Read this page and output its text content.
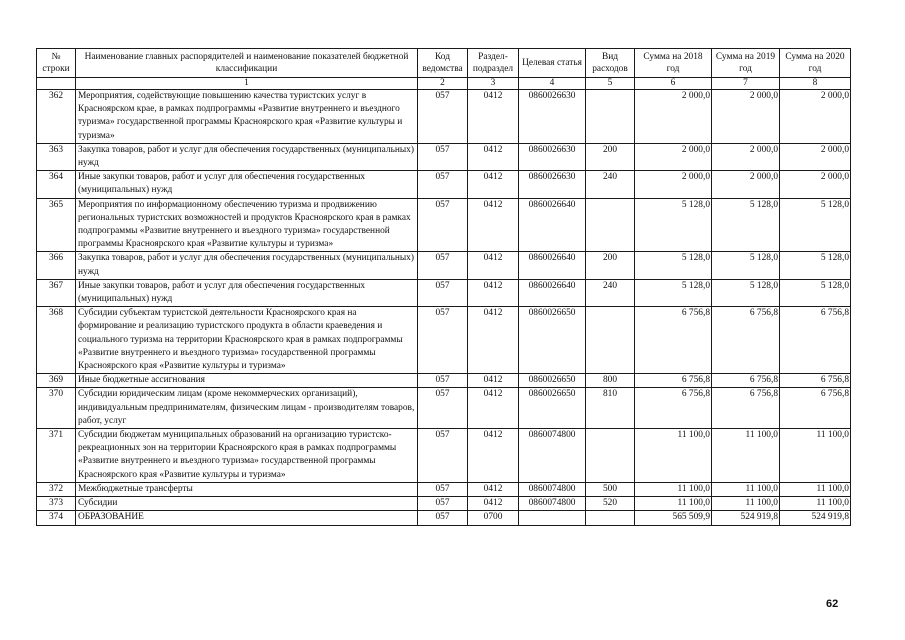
№ строки	Наименование главных распорядителей и наименование показателей бюджетной классификации	Код ведомства	Раздел-подраздел	Целевая статья	Вид расходов	Сумма на 2018 год	Сумма на 2019 год	Сумма на 2020 год
	1	2	3	4	5	6	7	8
362	Мероприятия, содействующие повышению качества туристских услуг в Красноярском крае, в рамках подпрограммы «Развитие внутреннего и въездного туризма» государственной программы Красноярского края «Развитие культуры и туризма»	057	0412	0860026630		2 000,0	2 000,0	2 000,0
363	Закупка товаров, работ и услуг для обеспечения государственных (муниципальных) нужд	057	0412	0860026630	200	2 000,0	2 000,0	2 000,0
364	Иные закупки товаров, работ и услуг для обеспечения государственных (муниципальных) нужд	057	0412	0860026630	240	2 000,0	2 000,0	2 000,0
365	Мероприятия по информационному обеспечению туризма и продвижению региональных туристских возможностей и продуктов Красноярского края в рамках подпрограммы «Развитие внутреннего и въездного туризма» государственной программы Красноярского края «Развитие культуры и туризма»	057	0412	0860026640		5 128,0	5 128,0	5 128,0
366	Закупка товаров, работ и услуг для обеспечения государственных (муниципальных) нужд	057	0412	0860026640	200	5 128,0	5 128,0	5 128,0
367	Иные закупки товаров, работ и услуг для обеспечения государственных (муниципальных) нужд	057	0412	0860026640	240	5 128,0	5 128,0	5 128,0
368	Субсидии субъектам туристской деятельности Красноярского края на формирование и реализацию туристского продукта в области краеведения и социального туризма на территории Красноярского края в рамках подпрограммы «Развитие внутреннего и въездного туризма» государственной программы Красноярского края «Развитие культуры и туризма»	057	0412	0860026650		6 756,8	6 756,8	6 756,8
369	Иные бюджетные ассигнования	057	0412	0860026650	800	6 756,8	6 756,8	6 756,8
370	Субсидии юридическим лицам (кроме некоммерческих организаций), индивидуальным предпринимателям, физическим лицам - производителям товаров, работ, услуг	057	0412	0860026650	810	6 756,8	6 756,8	6 756,8
371	Субсидии бюджетам муниципальных образований на организацию туристско-рекреационных зон на территории Красноярского края в рамках подпрограммы «Развитие внутреннего и въездного туризма» государственной программы Красноярского края «Развитие культуры и туризма»	057	0412	0860074800		11 100,0	11 100,0	11 100,0
372	Межбюджетные трансферты	057	0412	0860074800	500	11 100,0	11 100,0	11 100,0
373	Субсидии	057	0412	0860074800	520	11 100,0	11 100,0	11 100,0
374	ОБРАЗОВАНИЕ	057	0700			565 509,9	524 919,8	524 919,8
62
